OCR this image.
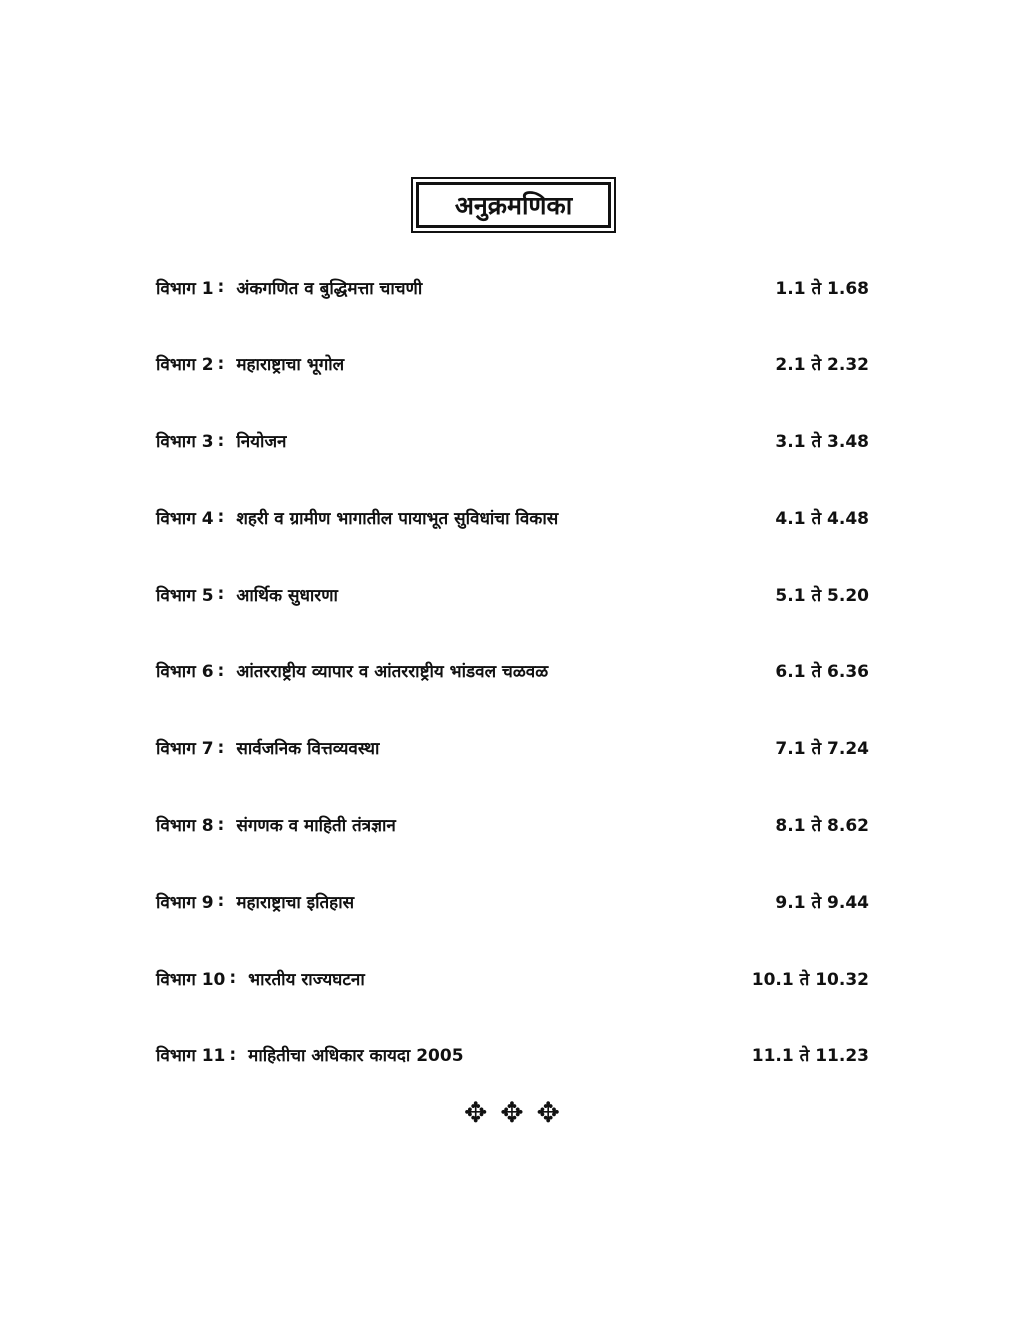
अनुक्रमणिका
विभाग 1 : अंकगणित व बुद्धिमत्ता चाचणी	1.1 ते 1.68
विभाग 2 : महाराष्ट्राचा भूगोल	2.1 ते 2.32
विभाग 3 : नियोजन	3.1 ते 3.48
विभाग 4 : शहरी व ग्रामीण भागातील पायाभूत सुविधांचा विकास	4.1 ते 4.48
विभाग 5 : आर्थिक सुधारणा	5.1 ते 5.20
विभाग 6 : आंतरराष्ट्रीय व्यापार व आंतरराष्ट्रीय भांडवल चळवळ	6.1 ते 6.36
विभाग 7 : सार्वजनिक वित्तव्यवस्था	7.1 ते 7.24
विभाग 8 : संगणक व माहिती तंत्रज्ञान	8.1 ते 8.62
विभाग 9 : महाराष्ट्राचा इतिहास	9.1 ते 9.44
विभाग 10 : भारतीय राज्यघटना	10.1 ते 10.32
विभाग 11 : माहितीचा अधिकार कायदा 2005	11.1 ते 11.23
✥ ✥ ✥
